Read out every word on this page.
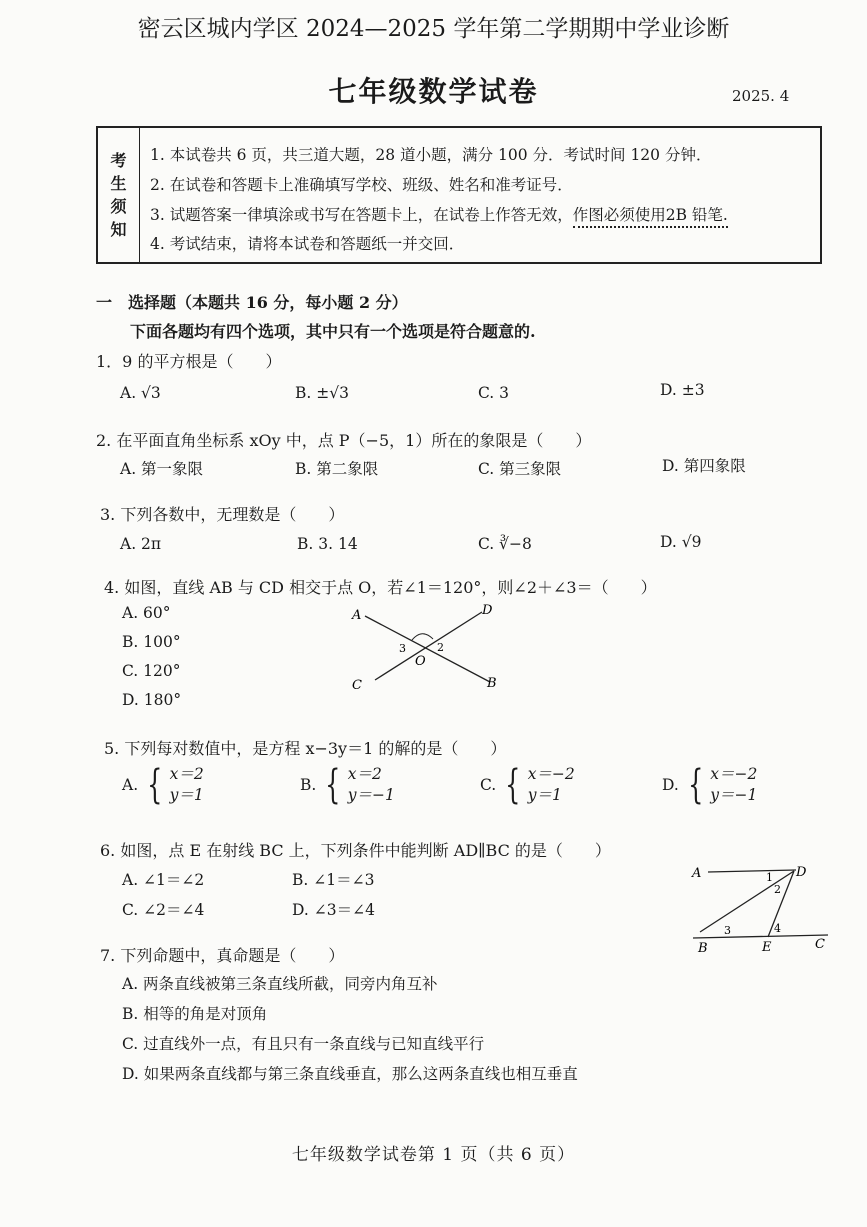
密云区城内学区 2024—2025 学年第二学期期中学业诊断
七年级数学试卷	2025. 4
考
生
须
知
1. 本试卷共 6 页，共三道大题，28 道小题，满分 100 分．考试时间 120 分钟．
2. 在试卷和答题卡上准确填写学校、班级、姓名和准考证号．
3. 试题答案一律填涂或书写在答题卡上，在试卷上作答无效，作图必须使用2B 铅笔.
4. 考试结束，请将本试卷和答题纸一并交回．
一　选择题（本题共 16 分，每小题 2 分）
下面各题均有四个选项，其中只有一个选项是符合题意的.
1．9 的平方根是（　　）
A. √3	B. ±√3	C. 3	D. ±3
2. 在平面直角坐标系 xOy 中，点 P（−5，1）所在的象限是（　　）
A. 第一象限	B. 第二象限	C. 第三象限	D. 第四象限
3. 下列各数中，无理数是（　　）
A. 2π	B. 3. 14	C. ∛−8	D. √9
4. 如图，直线 AB 与 CD 相交于点 O，若∠1＝120°，则∠2＋∠3＝（　　）
A. 60°
B. 100°
C. 120°
D. 180°
A	D
C	B
O
3	2
5. 下列每对数值中，是方程 x−3y＝1 的解的是（　　）
A. { x＝2
y＝1
B. { x＝2
y＝−1
C. { x＝−2
y＝1
D. { x＝−2
y＝−1
6. 如图，点 E 在射线 BC 上，下列条件中能判断 AD∥BC 的是（　　）
A. ∠1＝∠2	B. ∠1＝∠3
C. ∠2＝∠4	D. ∠3＝∠4
A	D
B	E	C
1
2
3	4
7. 下列命题中，真命题是（　　）
A. 两条直线被第三条直线所截，同旁内角互补
B. 相等的角是对顶角
C. 过直线外一点，有且只有一条直线与已知直线平行
D. 如果两条直线都与第三条直线垂直，那么这两条直线也相互垂直
七年级数学试卷第 1 页（共 6 页）
